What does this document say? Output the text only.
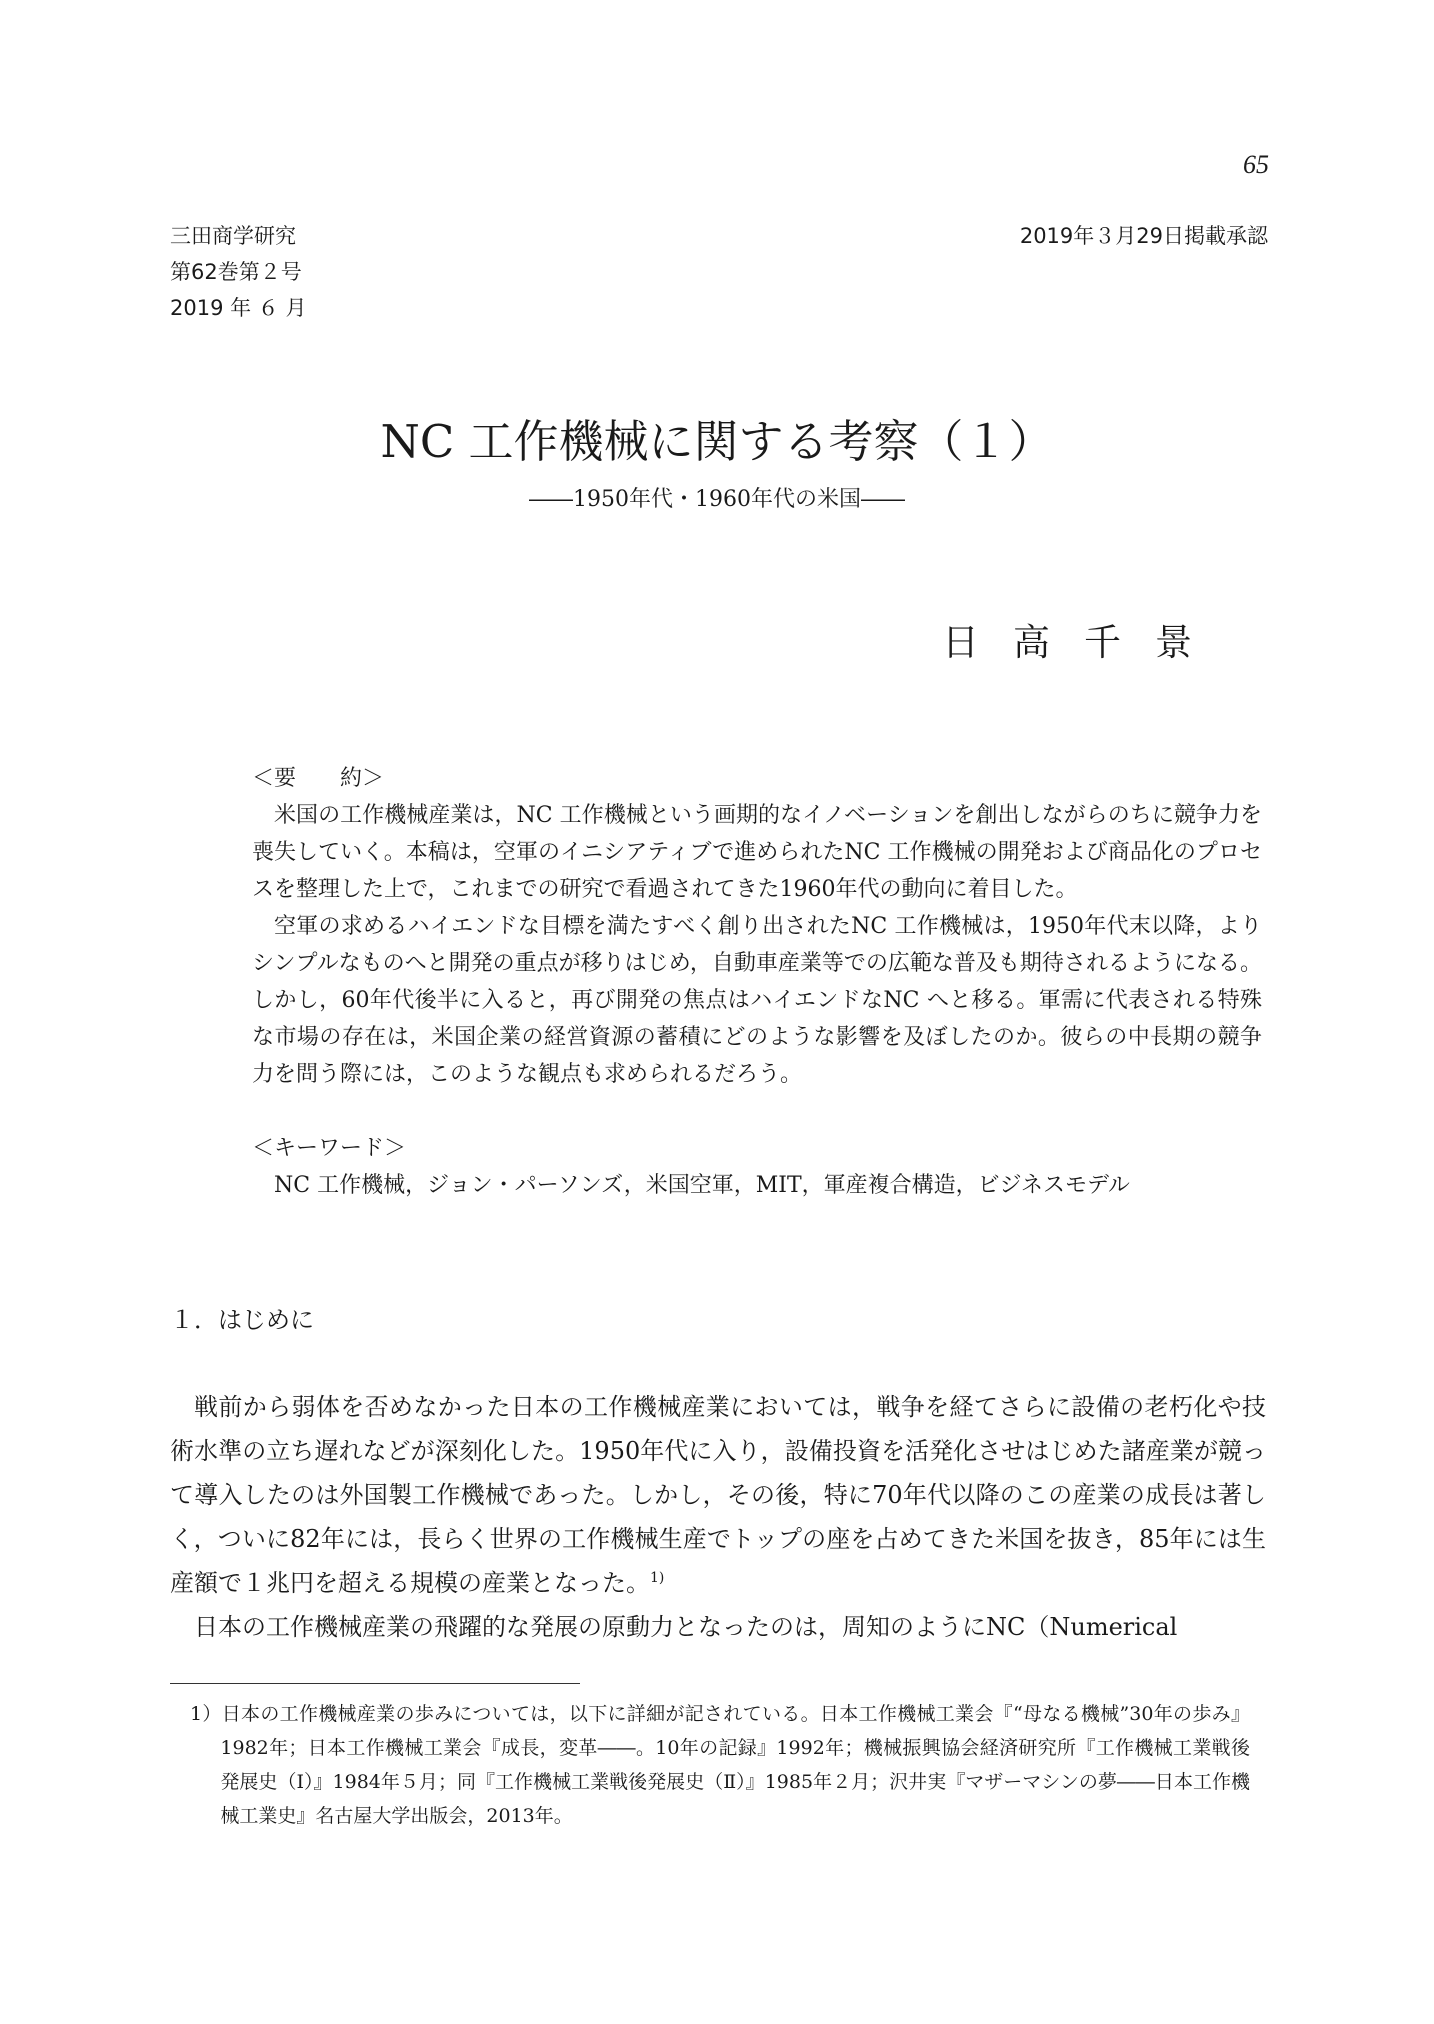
65
三田商学研究
第62巻第２号
2019 年 ６ 月
2019年３月29日掲載承認
NC 工作機械に関する考察（１）
――1950年代・1960年代の米国――
日高千景
＜要　　約＞

米国の工作機械産業は，NC 工作機械という画期的なイノベーションを創出しながらのちに競争力を喪失していく。本稿は，空軍のイニシアティブで進められたNC 工作機械の開発および商品化のプロセスを整理した上で，これまでの研究で看過されてきた1960年代の動向に着目した。

空軍の求めるハイエンドな目標を満たすべく創り出されたNC 工作機械は，1950年代末以降，よりシンプルなものへと開発の重点が移りはじめ，自動車産業等での広範な普及も期待されるようになる。しかし，60年代後半に入ると，再び開発の焦点はハイエンドなNC へと移る。軍需に代表される特殊な市場の存在は，米国企業の経営資源の蓄積にどのような影響を及ぼしたのか。彼らの中長期の競争力を問う際には，このような観点も求められるだろう。

＜キーワード＞
NC 工作機械，ジョン・パーソンズ，米国空軍，MIT，軍産複合構造，ビジネスモデル
１．はじめに

戦前から弱体を否めなかった日本の工作機械産業においては，戦争を経てさらに設備の老朽化や技術水準の立ち遅れなどが深刻化した。1950年代に入り，設備投資を活発化させはじめた諸産業が競って導入したのは外国製工作機械であった。しかし，その後，特に70年代以降のこの産業の成長は著しく，ついに82年には，長らく世界の工作機械生産でトップの座を占めてきた米国を抜き，85年には生産額で１兆円を超える規模の産業となった。$^{1)}$

日本の工作機械産業の飛躍的な発展の原動力となったのは，周知のようにNC（Numerical

1）日本の工作機械産業の歩みについては，以下に詳細が記されている。日本工作機械工業会『“母なる機械”30年の歩み』1982年；日本工作機械工業会『成長，変革――。10年の記録』1992年；機械振興協会経済研究所『工作機械工業戦後発展史（Ⅰ）』1984年５月；同『工作機械工業戦後発展史（Ⅱ）』1985年２月；沢井実『マザーマシンの夢――日本工作機械工業史』名古屋大学出版会，2013年。
